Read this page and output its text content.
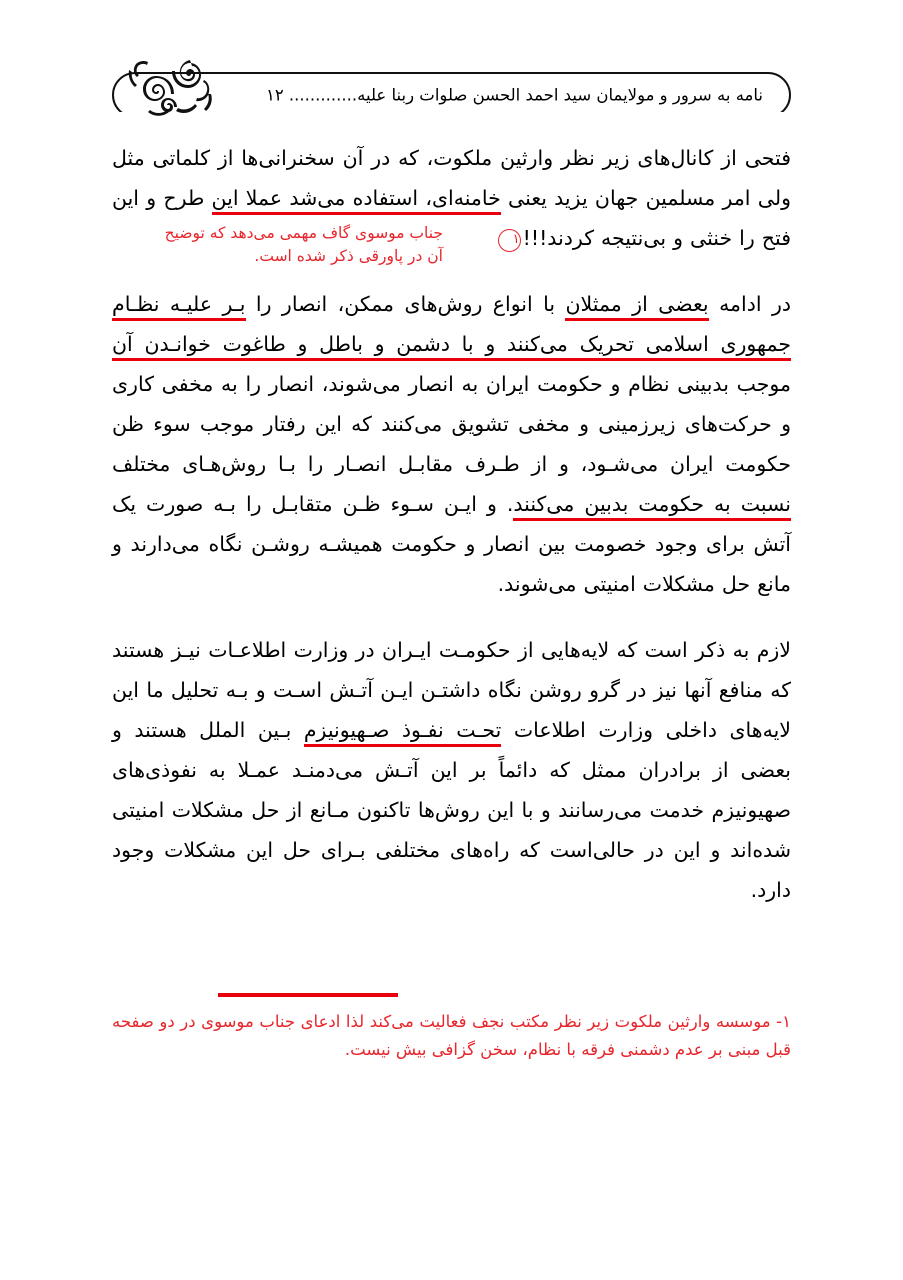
نامه به سرور و مولایمان سید احمد الحسن صلوات ربنا علیه............. ۱۲

فتحی از کانال‌های زیر نظر وارثین ملکوت، که در آن سخنرانی‌ها از کلماتی مثل ولی امر مسلمین جهان یزید یعنی خامنه‌ای، استفاده می‌شد عملا این طرح و این فتح را خنثی و بی‌نتیجه کردند!!!۱

در ادامه بعضی از ممثلان با انواع روش‌های ممکن، انصار را بـر علیـه نظـام جمهوری اسلامی تحریک می‌کنند و با دشمن و باطل و طاغوت خوانـدن آن موجب بدبینی نظام و حکومت ایران به انصار می‌شوند، انصار را به مخفی کاری و حرکت‌های زیرزمینی و مخفی تشویق می‌کنند که این رفتار موجب سوء ظن حکومت ایران می‌شـود، و از طـرف مقابـل انصـار را بـا روش‌هـای مختلف نسبت به حکومت بدبین می‌کنند. و ایـن سـوء ظـن متقابـل را بـه صورت یک آتش برای وجود خصومت بین انصار و حکومت همیشـه روشـن نگاه می‌دارند و مانع حل مشکلات امنیتی می‌شوند.

لازم به ذکر است که لایه‌هایی از حکومـت ایـران در وزارت اطلاعـات نیـز هستند که منافع آنها نیز در گرو روشن نگاه داشتـن ایـن آتـش اسـت و بـه تحلیل ما این لایه‌های داخلی وزارت اطلاعات تحـت نفـوذ صـهیونیزم بـین الملل هستند و بعضی از برادران ممثل که دائماً بر این آتـش می‌دمنـد عمـلا به نفوذی‌های صهیونیزم خدمت می‌رسانند و با این روش‌ها تاکنون مـانع از حل مشکلات امنیتی شده‌اند و این در حالی‌است که راه‌های مختلفی بـرای حل این مشکلات وجود دارد.

جناب موسوی گاف مهمی می‌دهد که توضیح آن در پاورقی ذکر شده است.
۱- موسسه وارثین ملکوت زیر نظر مکتب نجف فعالیت می‌کند لذا ادعای جناب موسوی در دو صفحه قبل مبنی بر عدم دشمنی فرقه با نظام، سخن گزافی بیش نیست.
